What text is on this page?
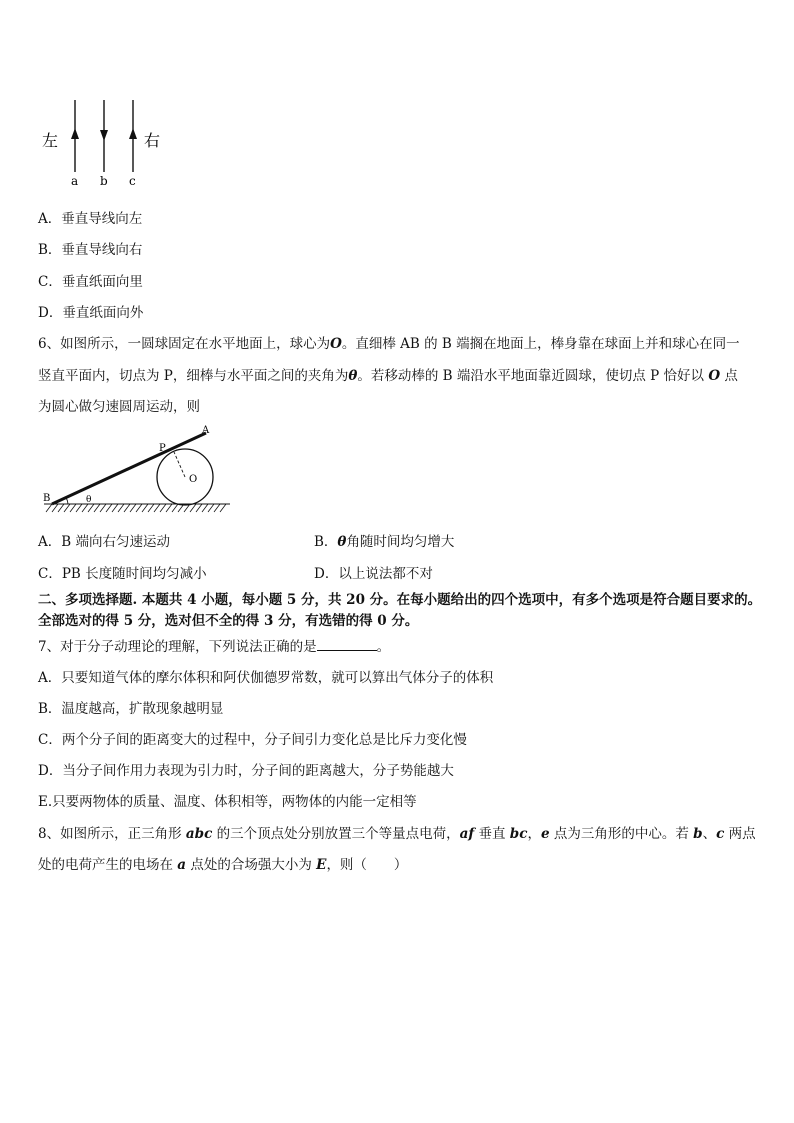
左	右
a b c
A．垂直导线向左
B．垂直导线向右
C．垂直纸面向里
D．垂直纸面向外
6、如图所示，一圆球固定在水平地面上，球心为O。直细棒 AB 的 B 端搁在地面上，棒身靠在球面上并和球心在同一
竖直平面内，切点为 P，细棒与水平面之间的夹角为θ。若移动棒的 B 端沿水平地面靠近圆球，使切点 P 恰好以 O 点
为圆心做匀速圆周运动，则
A
P
O
B	θ
A．B 端向右匀速运动	B．θ角随时间均匀增大
C．PB 长度随时间均匀减小	D．以上说法都不对
二、多项选择题. 本题共 4 小题，每小题 5 分，共 20 分。在每小题给出的四个选项中，有多个选项是符合题目要求的。
全部选对的得 5 分，选对但不全的得 3 分，有选错的得 0 分。
7、对于分子动理论的理解，下列说法正确的是	。
A．只要知道气体的摩尔体积和阿伏伽德罗常数，就可以算出气体分子的体积
B．温度越高，扩散现象越明显
C．两个分子间的距离变大的过程中，分子间引力变化总是比斥力变化慢
D．当分子间作用力表现为引力时，分子间的距离越大，分子势能越大
E.只要两物体的质量、温度、体积相等，两物体的内能一定相等
8、如图所示，正三角形 abc 的三个顶点处分别放置三个等量点电荷，af 垂直 bc，e 点为三角形的中心。若 b、c 两点
处的电荷产生的电场在 a 点处的合场强大小为 E，则（　　）
